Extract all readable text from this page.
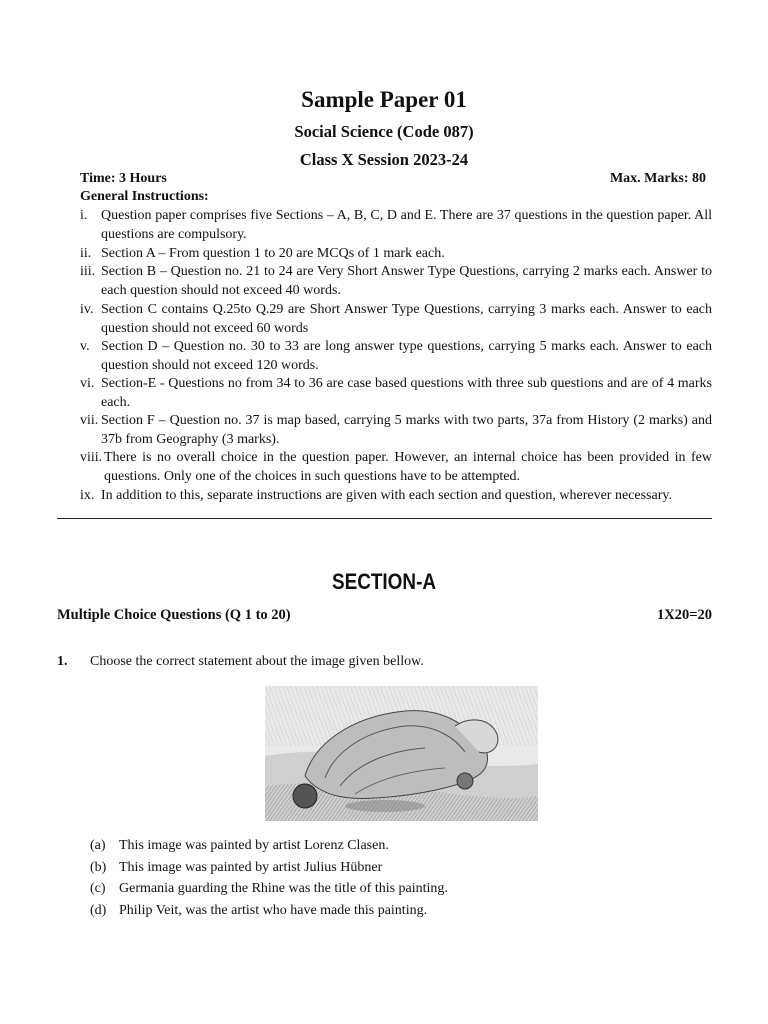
Sample Paper 01
Social Science (Code 087)
Class X Session 2023-24
Time: 3 Hours	Max. Marks: 80
General Instructions:
i. Question paper comprises five Sections – A, B, C, D and E. There are 37 questions in the question paper. All questions are compulsory.
ii. Section A – From question 1 to 20 are MCQs of 1 mark each.
iii. Section B – Question no. 21 to 24 are Very Short Answer Type Questions, carrying 2 marks each. Answer to each question should not exceed 40 words.
iv. Section C contains Q.25to Q.29 are Short Answer Type Questions, carrying 3 marks each. Answer to each question should not exceed 60 words
v. Section D – Question no. 30 to 33 are long answer type questions, carrying 5 marks each. Answer to each question should not exceed 120 words.
vi. Section-E - Questions no from 34 to 36 are case based questions with three sub questions and are of 4 marks each.
vii. Section F – Question no. 37 is map based, carrying 5 marks with two parts, 37a from History (2 marks) and 37b from Geography (3 marks).
viii. There is no overall choice in the question paper. However, an internal choice has been provided in few questions. Only one of the choices in such questions have to be attempted.
ix. In addition to this, separate instructions are given with each section and question, wherever necessary.
SECTION-A
Multiple Choice Questions (Q 1 to 20)	1X20=20
1. Choose the correct statement about the image given bellow.
(a) This image was painted by artist Lorenz Clasen.
(b) This image was painted by artist Julius Hübner
(c) Germania guarding the Rhine was the title of this painting.
(d) Philip Veit, was the artist who have made this painting.
